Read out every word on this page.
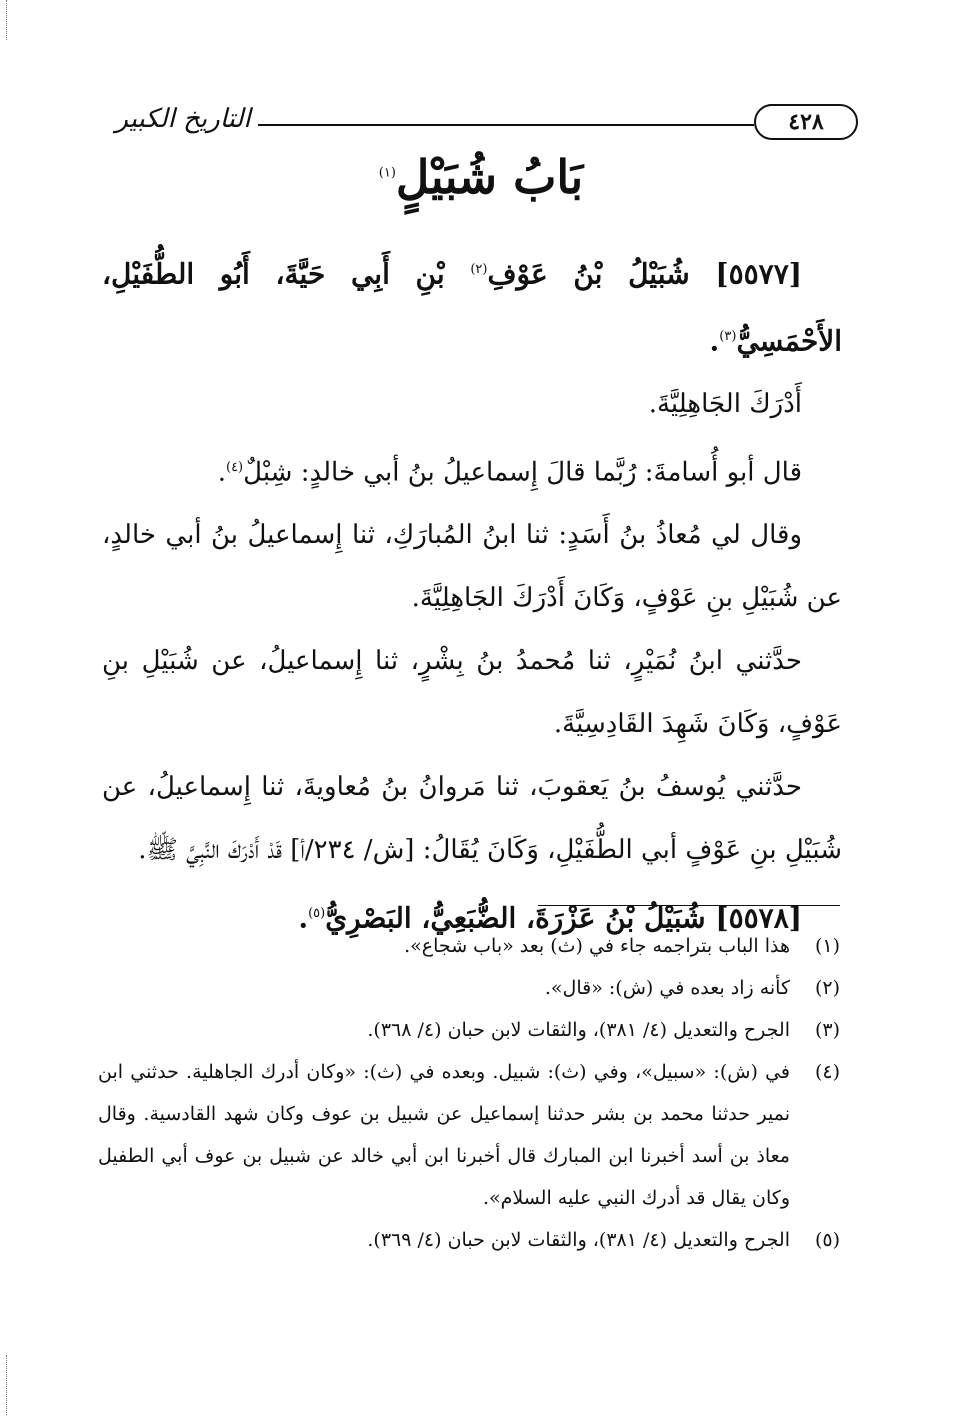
٤٢٨
التاريخ الكبير
بَابُ شُبَيْلٍ$^{(١)}$

[٥٥٧٧] شُبَيْلُ بْنُ عَوْفِ$^{(٢)}$ بْنِ أَبِي حَيَّةَ، أَبُو الطُّفَيْلِ، الأَحْمَسِيُّ$^{(٣)}$.

أَدْرَكَ الجَاهِلِيَّةَ.

قال أبو أُسامةَ: رُبَّما قالَ إِسماعيلُ بنُ أبي خالدٍ: شِبْلٌ$^{(٤)}$.

وقال لي مُعاذُ بنُ أَسَدٍ: ثنا ابنُ المُبارَكِ، ثنا إِسماعيلُ بنُ أبي خالدٍ، عن شُبَيْلِ بنِ عَوْفٍ، وَكَانَ أَدْرَكَ الجَاهِلِيَّةَ.

حدَّثني ابنُ نُمَيْرٍ، ثنا مُحمدُ بنُ بِشْرٍ، ثنا إِسماعيلُ، عن شُبَيْلِ بنِ عَوْفٍ، وَكَانَ شَهِدَ القَادِسِيَّةَ.

حدَّثني يُوسفُ بنُ يَعقوبَ، ثنا مَروانُ بنُ مُعاويةَ، ثنا إِسماعيلُ، عن شُبَيْلِ بنِ عَوْفٍ أبي الطُّفَيْلِ، وَكَانَ يُقَالُ: [ش/ ٢٣٤/أ] قَدْ أَدْرَكَ النَّبِيَّ ﷺ.

[٥٥٧٨] شُبَيْلُ بْنُ عَزْرَةَ، الضُّبَعِيُّ، البَصْرِيُّ$^{(٥)}$.

(١)
هذا الباب بتراجمه جاء في (ث) بعد «باب شجاع».
(٢)
كأنه زاد بعده في (ش): «قال».
(٣)
الجرح والتعديل (٤/ ٣٨١)، والثقات لابن حبان (٤/ ٣٦٨).
(٤)
في (ش): «سبيل»، وفي (ث): شبيل. وبعده في (ث): «وكان أدرك الجاهلية. حدثني ابن نمير حدثنا محمد بن بشر حدثنا إسماعيل عن شبيل بن عوف وكان شهد القادسية. وقال معاذ بن أسد أخبرنا ابن المبارك قال أخبرنا ابن أبي خالد عن شبيل بن عوف أبي الطفيل وكان يقال قد أدرك النبي عليه السلام».
(٥)
الجرح والتعديل (٤/ ٣٨١)، والثقات لابن حبان (٤/ ٣٦٩).
